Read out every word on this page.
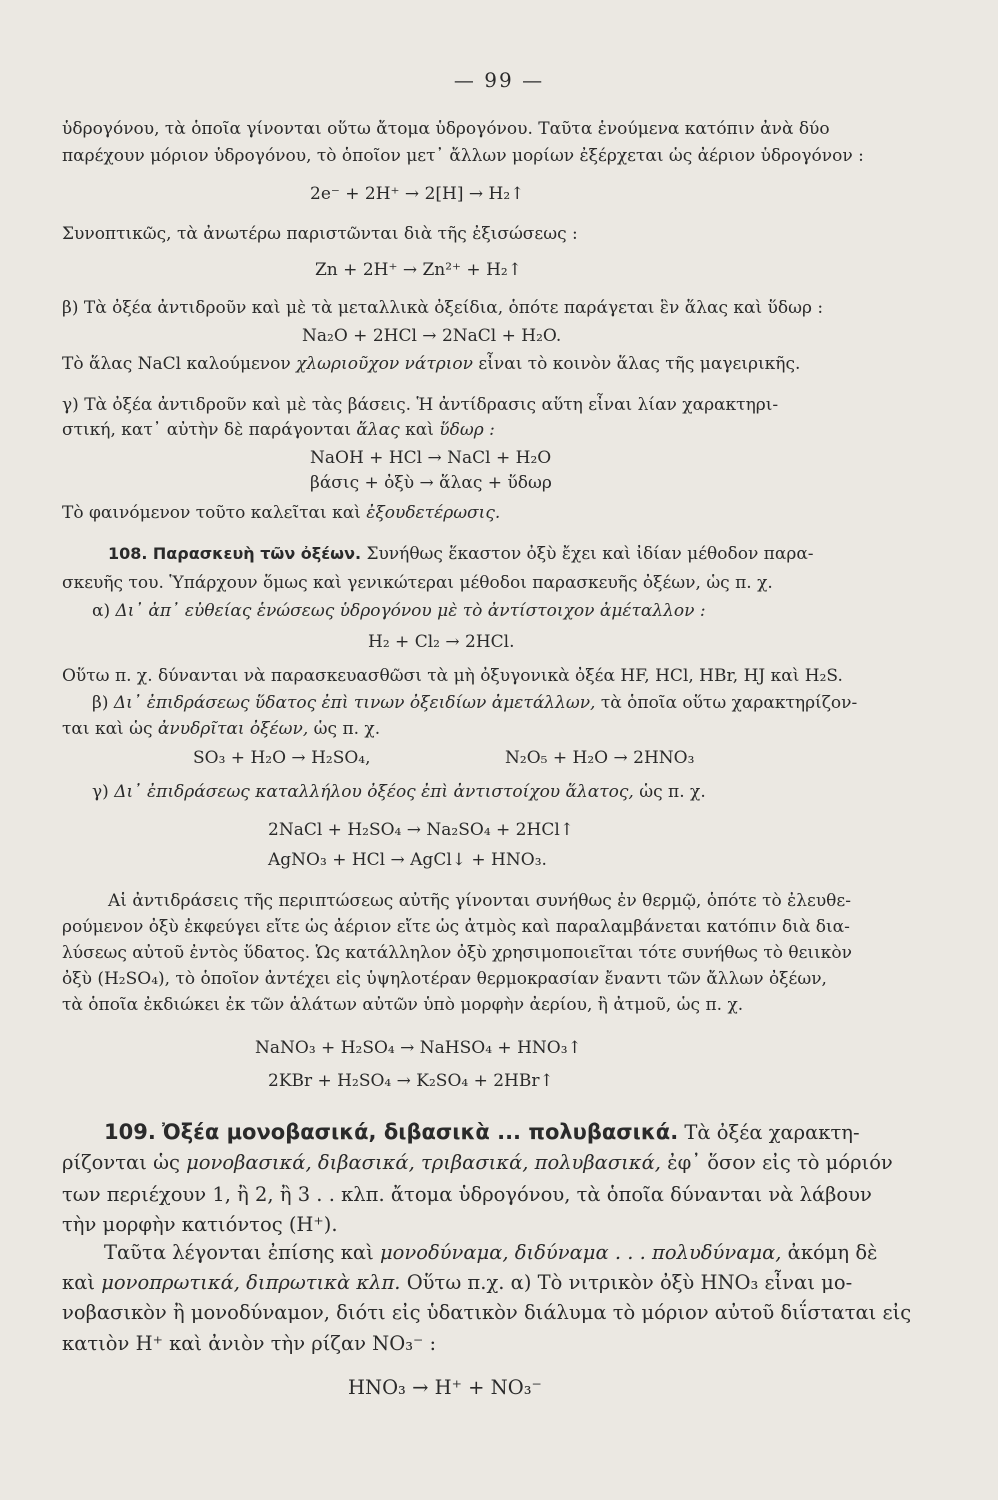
— 99 —
ὑδρογόνου, τὰ ὁποῖα γίνονται οὕτω ἄτομα ὑδρογόνου. Ταῦτα ἑνούμενα κατόπιν ἀνὰ δύο
παρέχουν μόριον ὑδρογόνου, τὸ ὁποῖον μετ᾽ ἄλλων μορίων ἐξέρχεται ὡς ἀέριον ὑδρογόνον :
2e⁻ + 2H⁺ → 2[H] → H₂↑
Συνοπτικῶς, τὰ ἀνωτέρω παριστῶνται διὰ τῆς ἐξισώσεως :
Zn + 2H⁺ → Zn²⁺ + H₂↑
β) Τὰ ὀξέα ἀντιδροῦν καὶ μὲ τὰ μεταλλικὰ ὀξείδια, ὁπότε παράγεται ἓν ἅλας καὶ ὕδωρ :
Na₂O + 2HCl → 2NaCl + H₂O.
Τὸ ἅλας NaCl καλούμενον χλωριοῦχον νάτριον εἶναι τὸ κοινὸν ἅλας τῆς μαγειρικῆς.
γ) Τὰ ὀξέα ἀντιδροῦν καὶ μὲ τὰς βάσεις. Ἡ ἀντίδρασις αὕτη εἶναι λίαν χαρακτηρι-
στική, κατ᾽ αὐτὴν δὲ παράγονται ἅλας καὶ ὕδωρ :
NaOH + HCl → NaCl + H₂O
βάσις + ὀξὺ → ἅλας + ὕδωρ
Τὸ φαινόμενον τοῦτο καλεῖται καὶ ἐξουδετέρωσις.
108. Παρασκευὴ τῶν ὀξέων. Συνήθως ἕκαστον ὀξὺ ἔχει καὶ ἰδίαν μέθοδον παρα-
σκευῆς του. Ὑπάρχουν ὅμως καὶ γενικώτεραι μέθοδοι παρασκευῆς ὀξέων, ὡς π. χ.
α) Δι᾽ ἀπ᾽ εὐθείας ἑνώσεως ὑδρογόνου μὲ τὸ ἀντίστοιχον ἀμέταλλον :
H₂ + Cl₂ → 2HCl.
Οὕτω π. χ. δύνανται νὰ παρασκευασθῶσι τὰ μὴ ὀξυγονικὰ ὀξέα HF, HCl, HBr, HJ καὶ H₂S.
β) Δι᾽ ἐπιδράσεως ὕδατος ἐπὶ τινων ὀξειδίων ἀμετάλλων, τὰ ὁποῖα οὕτω χαρακτηρίζον-
ται καὶ ὡς ἀνυδρῖται ὀξέων, ὡς π. χ.
SO₃ + H₂O → H₂SO₄,	N₂O₅ + H₂O → 2HNO₃
γ) Δι᾽ ἐπιδράσεως καταλλήλου ὀξέος ἐπὶ ἀντιστοίχου ἅλατος, ὡς π. χ.
2NaCl + H₂SO₄ → Na₂SO₄ + 2HCl↑
AgNO₃ + HCl → AgCl↓ + HNO₃.
Αἱ ἀντιδράσεις τῆς περιπτώσεως αὐτῆς γίνονται συνήθως ἐν θερμῷ, ὁπότε τὸ ἐλευθε-
ρούμενον ὀξὺ ἐκφεύγει εἴτε ὡς ἀέριον εἴτε ὡς ἀτμὸς καὶ παραλαμβάνεται κατόπιν διὰ δια-
λύσεως αὐτοῦ ἐντὸς ὕδατος. Ὡς κατάλληλον ὀξὺ χρησιμοποιεῖται τότε συνήθως τὸ θειικὸν
ὀξὺ (H₂SO₄), τὸ ὁποῖον ἀντέχει εἰς ὑψηλοτέραν θερμοκρασίαν ἔναντι τῶν ἄλλων ὀξέων,
τὰ ὁποῖα ἐκδιώκει ἐκ τῶν ἁλάτων αὐτῶν ὑπὸ μορφὴν ἀερίου, ἢ ἀτμοῦ, ὡς π. χ.
NaNO₃ + H₂SO₄ → NaHSO₄ + HNO₃↑
2KBr + H₂SO₄ → K₂SO₄ + 2HBr↑
109. Ὀξέα μονοβασικά, διβασικὰ ... πολυβασικά. Τὰ ὀξέα χαρακτη-
ρίζονται ὡς μονοβασικά, διβασικά, τριβασικά, πολυβασικά, ἐφ᾽ ὅσον εἰς τὸ μόριόν
των περιέχουν 1, ἢ 2, ἢ 3 . . κλπ. ἄτομα ὑδρογόνου, τὰ ὁποῖα δύνανται νὰ λάβουν
τὴν μορφὴν κατιόντος (H⁺).
Ταῦτα λέγονται ἐπίσης καὶ μονοδύναμα, διδύναμα . . . πολυδύναμα, ἀκόμη δὲ
καὶ μονοπρωτικά, διπρωτικὰ κλπ. Οὕτω π.χ. α) Τὸ νιτρικὸν ὀξὺ HNO₃ εἶναι μο-
νοβασικὸν ἢ μονοδύναμον, διότι εἰς ὑδατικὸν διάλυμα τὸ μόριον αὐτοῦ διΐσταται εἰς
κατιὸν H⁺ καὶ ἀνιὸν τὴν ρίζαν NO₃⁻ :
HNO₃ → H⁺ + NO₃⁻
